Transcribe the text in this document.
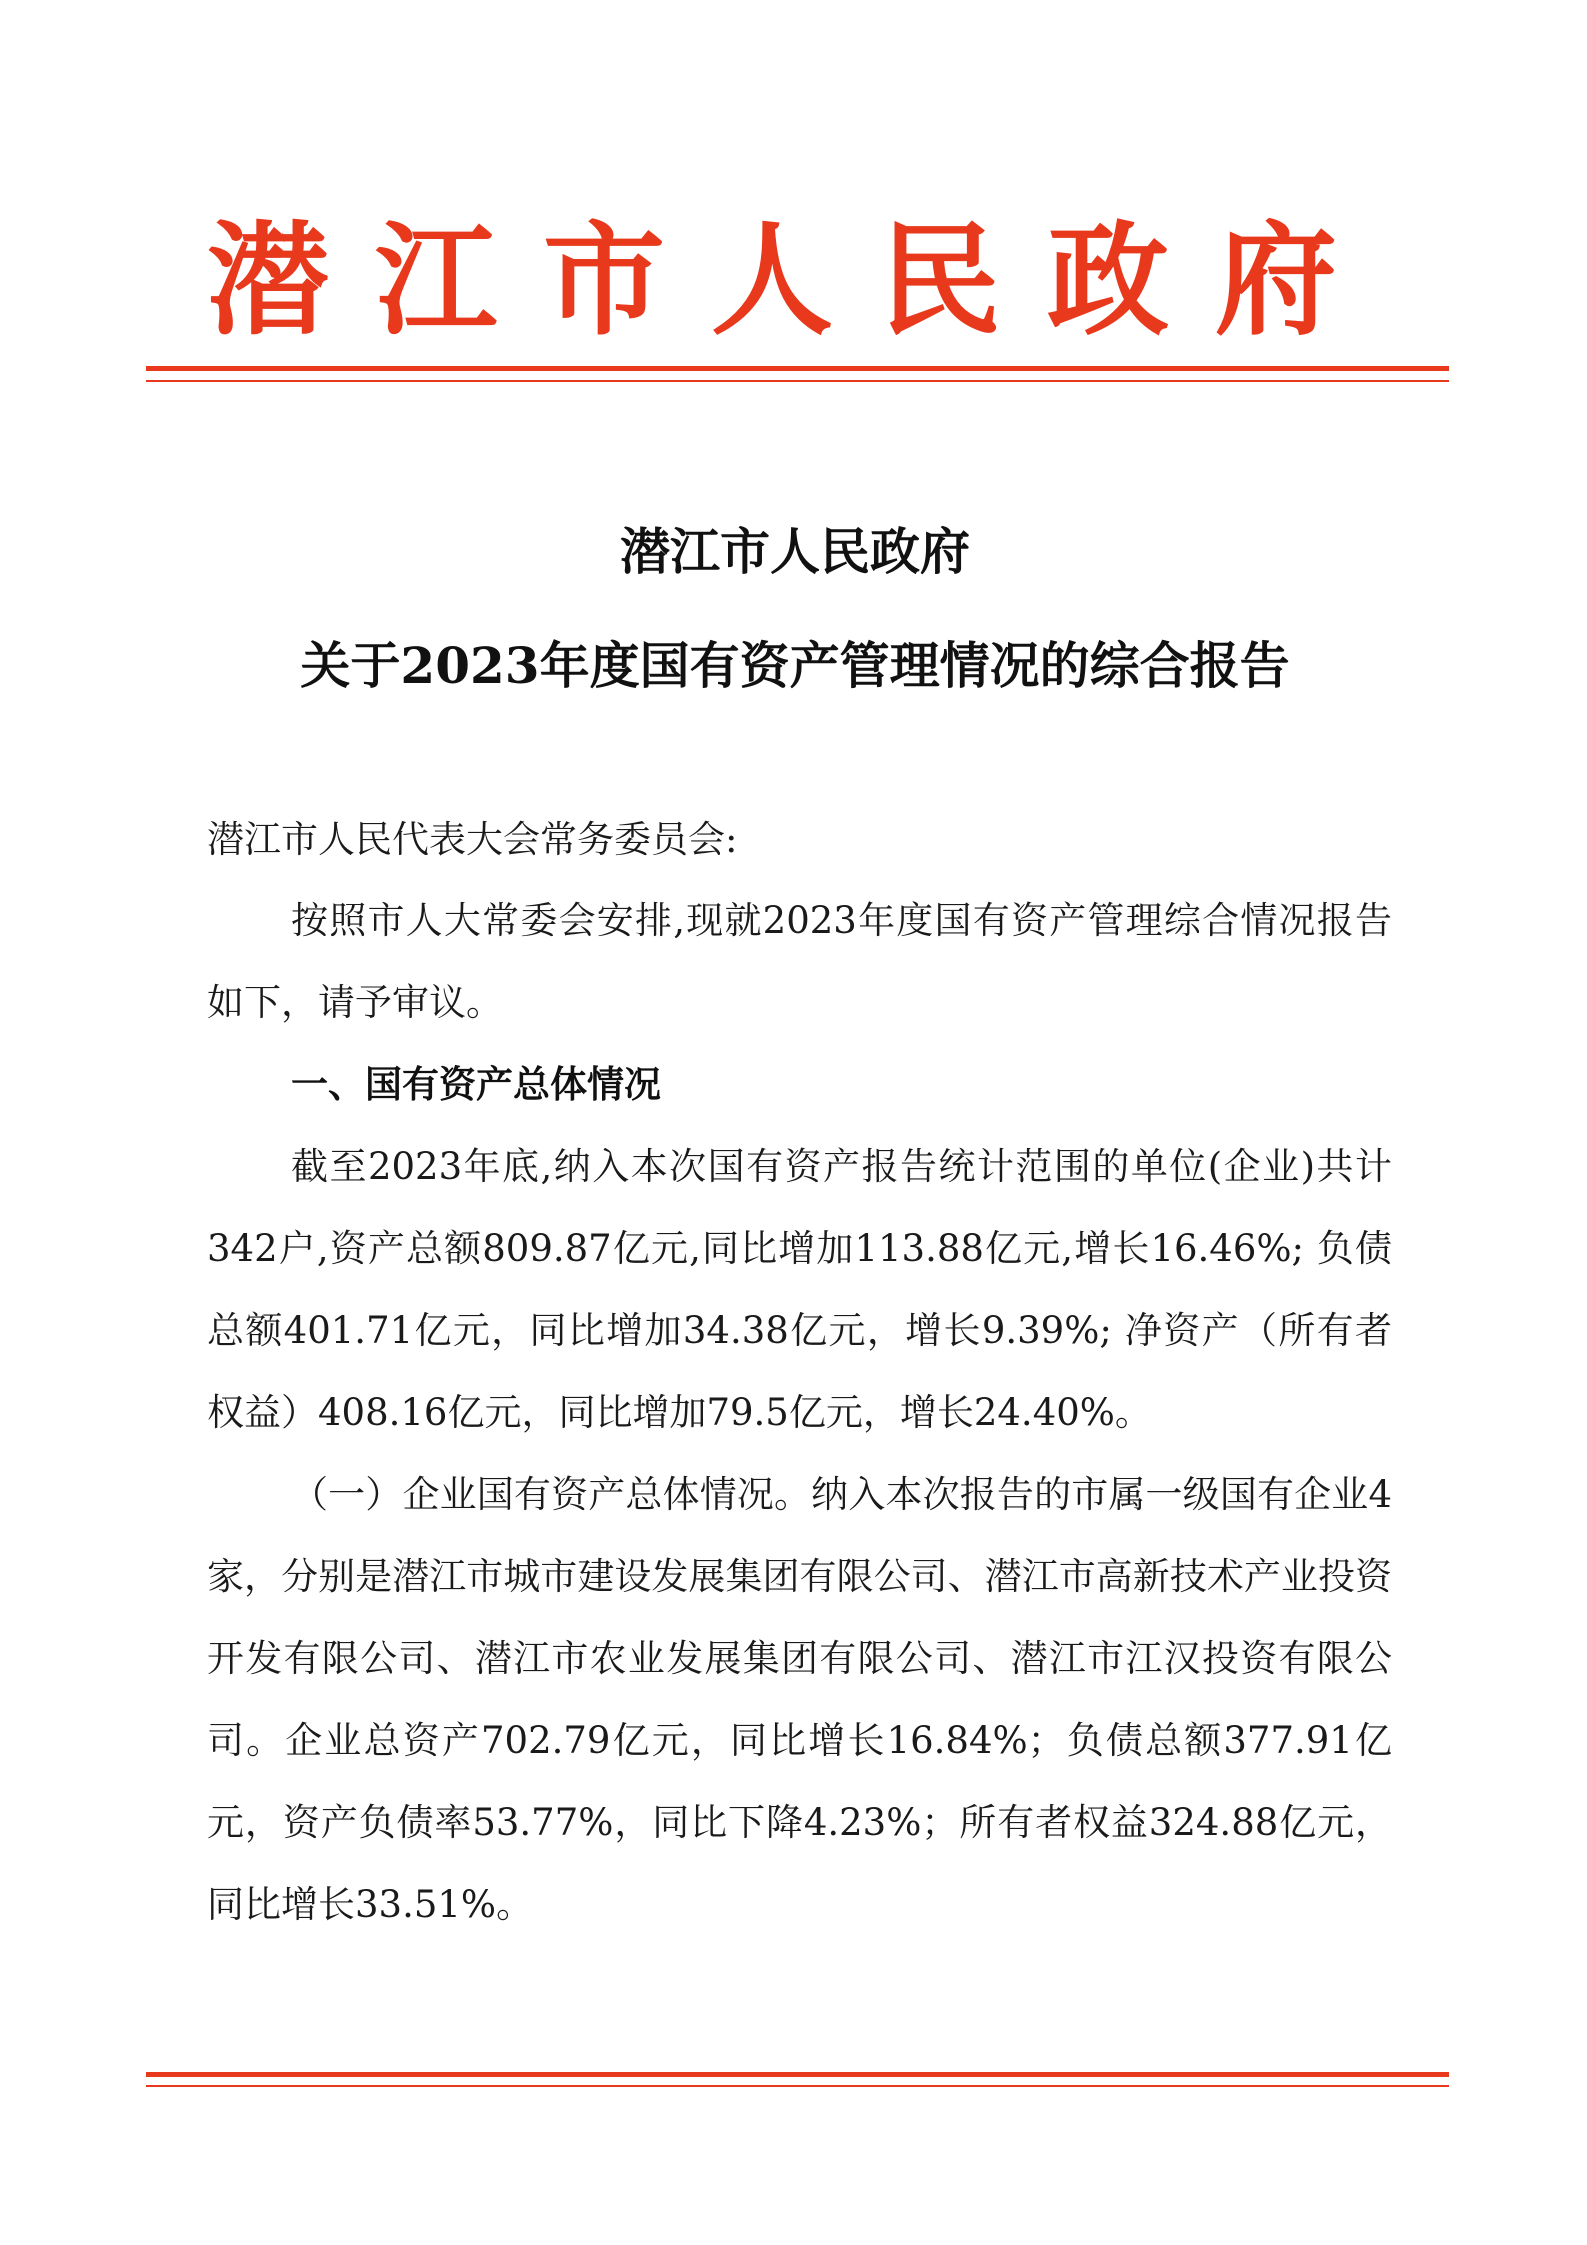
潜江市人民政府
潜江市人民政府
关于2023年度国有资产管理情况的综合报告
潜江市人民代表大会常务委员会:

按照市人大常委会安排,现就2023年度国有资产管理综合情况报告如下，请予审议。

一、国有资产总体情况

截至2023年底,纳入本次国有资产报告统计范围的单位(企业)共计342户,资产总额809.87亿元,同比增加113.88亿元,增长16.46%; 负债总额401.71亿元，同比增加34.38亿元，增长9.39%; 净资产（所有者权益）408.16亿元，同比增加79.5亿元，增长24.40%。

（一）企业国有资产总体情况。纳入本次报告的市属一级国有企业4家，分别是潜江市城市建设发展集团有限公司、潜江市高新技术产业投资开发有限公司、潜江市农业发展集团有限公司、潜江市江汉投资有限公司。企业总资产702.79亿元，同比增长16.84%；负债总额377.91亿元，资产负债率53.77%，同比下降4.23%；所有者权益324.88亿元，同比增长33.51%。
